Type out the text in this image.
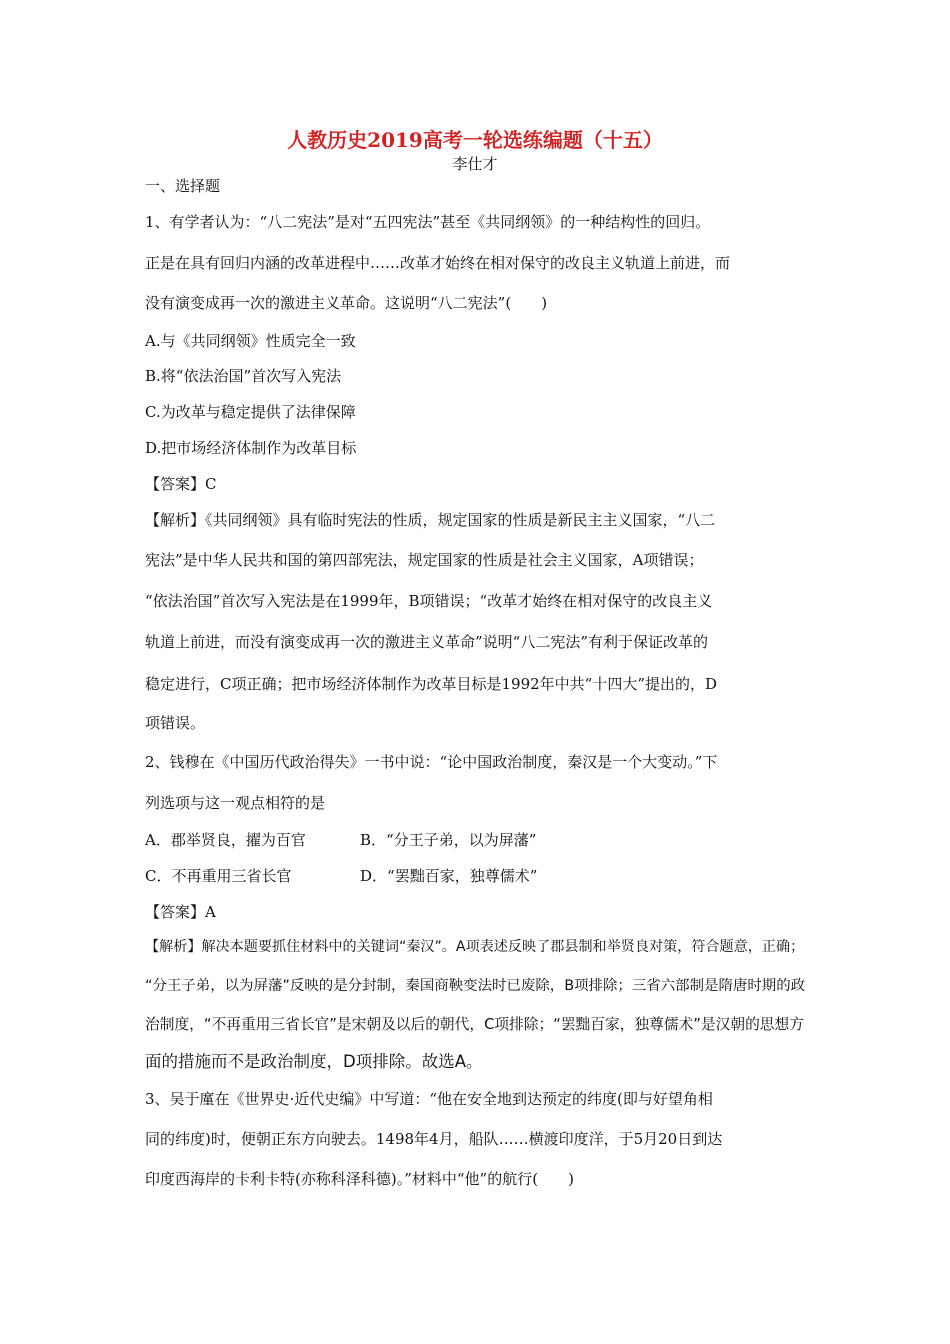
人教历史2019高考一轮选练编题（十五）
李仕才
一、选择题
1、有学者认为：“八二宪法”是对“五四宪法”甚至《共同纲领》的一种结构性的回归。
正是在具有回归内涵的改革进程中……改革才始终在相对保守的改良主义轨道上前进，而
没有演变成再一次的激进主义革命。这说明“八二宪法”(　　)
A.与《共同纲领》性质完全一致
B.将“依法治国”首次写入宪法
C.为改革与稳定提供了法律保障
D.把市场经济体制作为改革目标
【答案】C
【解析】《共同纲领》具有临时宪法的性质，规定国家的性质是新民主主义国家，“八二
宪法”是中华人民共和国的第四部宪法，规定国家的性质是社会主义国家，A项错误；
“依法治国”首次写入宪法是在1999年，B项错误；“改革才始终在相对保守的改良主义
轨道上前进，而没有演变成再一次的激进主义革命”说明“八二宪法”有利于保证改革的
稳定进行，C项正确；把市场经济体制作为改革目标是1992年中共“十四大”提出的，D
项错误。
2、钱穆在《中国历代政治得失》一书中说：“论中国政治制度，秦汉是一个大变动。”下
列选项与这一观点相符的是
A．郡举贤良，擢为百官	B．“分王子弟，以为屏藩”
C．不再重用三省长官	D．“罢黜百家，独尊儒术”
【答案】A
【解析】解决本题要抓住材料中的关键词“秦汉”。A项表述反映了郡县制和举贤良对策，符合题意，正确；
“分王子弟，以为屏藩”反映的是分封制，秦国商鞅变法时已废除，B项排除；三省六部制是隋唐时期的政
治制度，“不再重用三省长官”是宋朝及以后的朝代，C项排除；“罢黜百家，独尊儒术”是汉朝的思想方
面的措施而不是政治制度，D项排除。故选A。
3、吴于廑在《世界史·近代史编》中写道：“他在安全地到达预定的纬度(即与好望角相
同的纬度)时，便朝正东方向驶去。1498年4月，船队……横渡印度洋，于5月20日到达
印度西海岸的卡利卡特(亦称科泽科德)。”材料中“他”的航行(　　)
